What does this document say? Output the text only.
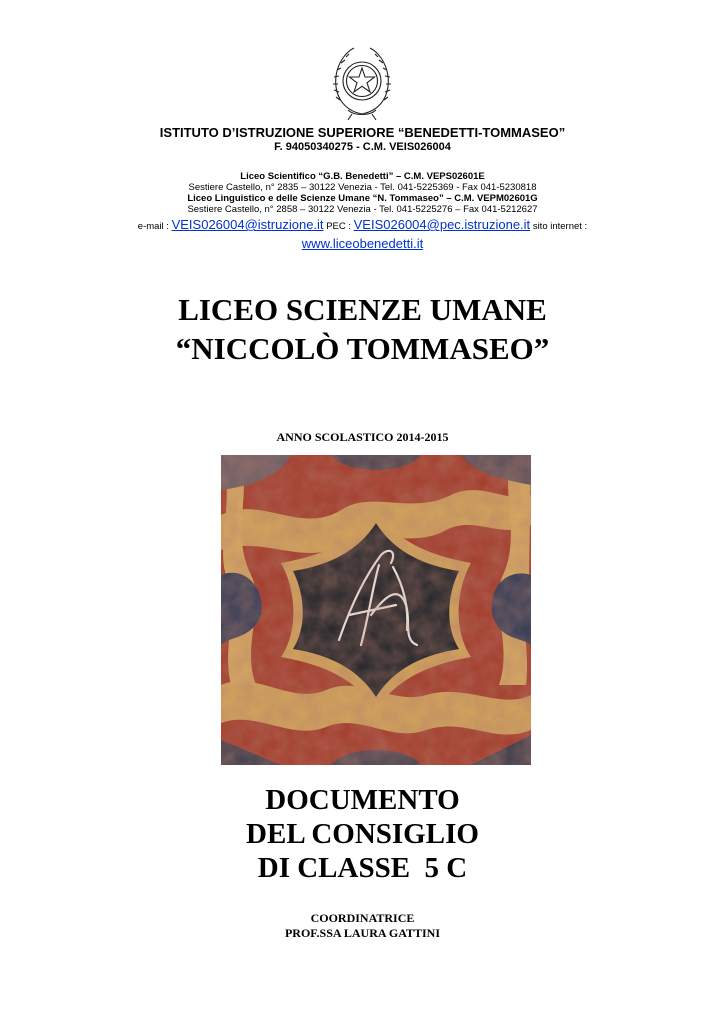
ISTITUTO D’ISTRUZIONE SUPERIORE “BENEDETTI-TOMMASEO”
F. 94050340275 - C.M. VEIS026004
Liceo Scientifico “G.B. Benedetti” – C.M. VEPS02601E
Sestiere Castello, n° 2835 – 30122 Venezia - Tel. 041-5225369 - Fax 041-5230818
Liceo Linguistico e delle Scienze Umane “N. Tommaseo” – C.M. VEPM02601G
Sestiere Castello, n° 2858 – 30122 Venezia - Tel. 041-5225276 – Fax 041-5212627
e-mail : VEIS026004@istruzione.it PEC : VEIS026004@pec.istruzione.it sito internet :
www.liceobenedetti.it
LICEO SCIENZE UMANE
“NICCOLÒ TOMMASEO”
ANNO SCOLASTICO 2014-2015
DOCUMENTO
DEL CONSIGLIO
DI CLASSE  5 C
COORDINATRICE
PROF.SSA LAURA GATTINI
